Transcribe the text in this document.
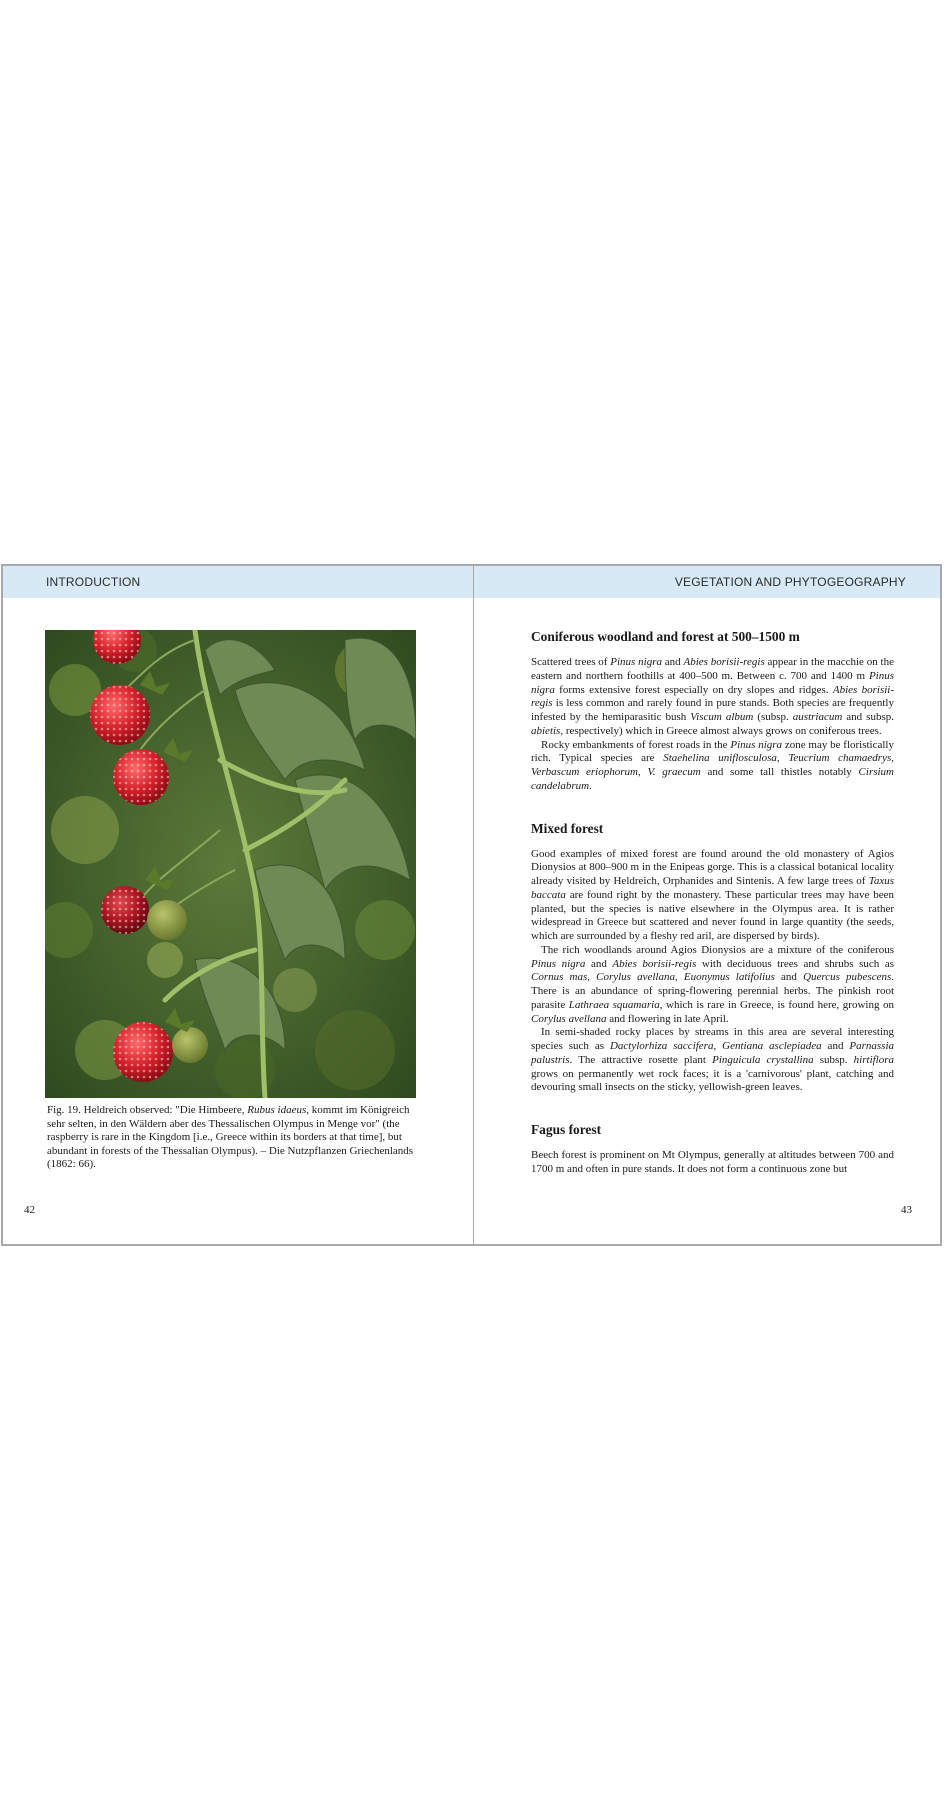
INTRODUCTION
Fig. 19. Heldreich observed: "Die Himbeere, Rubus idaeus, kommt im Königreich sehr selten, in den Wäldern aber des Thessalischen Olympus in Menge vor" (the raspberry is rare in the Kingdom [i.e., Greece within its borders at that time], but abundant in forests of the Thessalian Olympus). – Die Nutzpflanzen Griechenlands (1862: 66).
42
VEGETATION AND PHYTOGEOGRAPHY
Coniferous woodland and forest at 500–1500 m

Scattered trees of Pinus nigra and Abies borisii-regis appear in the macchie on the eastern and northern foothills at 400–500 m. Between c. 700 and 1400 m Pinus nigra forms extensive forest especially on dry slopes and ridges. Abies borisii-regis is less common and rarely found in pure stands. Both species are frequently infested by the hemiparasitic bush Viscum album (subsp. austriacum and subsp. abietis, respectively) which in Greece almost always grows on coniferous trees.

Rocky embankments of forest roads in the Pinus nigra zone may be floristically rich. Typical species are Staehelina uniflosculosa, Teucrium chamaedrys, Verbascum eriophorum, V. graecum and some tall thistles notably Cirsium candelabrum.

Mixed forest

Good examples of mixed forest are found around the old monastery of Agios Dionysios at 800–900 m in the Enipeas gorge. This is a classical botanical locality already visited by Heldreich, Orphanides and Sintenis. A few large trees of Taxus baccata are found right by the monastery. These particular trees may have been planted, but the species is native elsewhere in the Olympus area. It is rather widespread in Greece but scattered and never found in large quantity (the seeds, which are surrounded by a fleshy red aril, are dispersed by birds).

The rich woodlands around Agios Dionysios are a mixture of the coniferous Pinus nigra and Abies borisii-regis with deciduous trees and shrubs such as Cornus mas, Corylus avellana, Euonymus latifolius and Quercus pubescens. There is an abundance of spring-flowering perennial herbs. The pinkish root parasite Lathraea squamaria, which is rare in Greece, is found here, growing on Corylus avellana and flowering in late April.

In semi-shaded rocky places by streams in this area are several interesting species such as Dactylorhiza saccifera, Gentiana asclepiadea and Parnassia palustris. The attractive rosette plant Pinguicula crystallina subsp. hirtiflora grows on permanently wet rock faces; it is a 'carnivorous' plant, catching and devouring small insects on the sticky, yellowish-green leaves.

Fagus forest

Beech forest is prominent on Mt Olympus, generally at altitudes between 700 and 1700 m and often in pure stands. It does not form a continuous zone but

43
